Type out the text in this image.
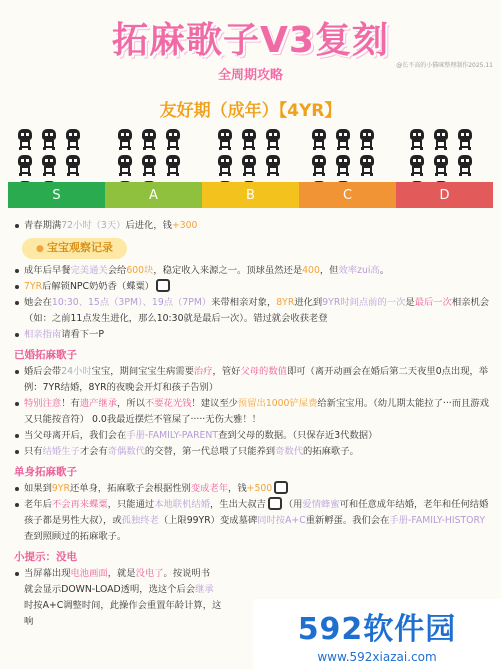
拓麻歌子V3复刻
@长不高的小猫咪整理制作2025.11
全周期攻略
友好期（成年）【4YR】
S	A	B	C	D
青春期满72小时（3天）后进化，钱+300
● 宝宝观察记录
成年后早餐完美通关会给600块，稳定收入来源之一。顶球虽然还是400，但效率zui高。
7YR后解锁NPC奶奶香（蝶粟）
她会在10:30、15点（3PM）、19点（7PM）来带相亲对象，8YR进化到9YR时间点前的一次是最后一次相亲机会（如：之前11点发生进化，那么10:30就是最后一次）。错过就会收获老登
相亲指南请看下一P
已婚拓麻歌子
婚后会带24小时宝宝，期间宝宝生病需要治疗，管好父母的数值即可（离开动画会在婚后第二天夜里0点出现，举例：7YR结婚，8YR的夜晚会开灯和孩子告别）
特别注意！有遗产继承，所以不要花光钱！建议至少预留出1000铲屎费给新宝宝用。（幼儿期太能拉了···而且游戏又只能按音符） 0.0我最近摆烂不管屎了·····无伤大雅！！
当父母离开后，我们会在手册-FAMILY-PARENT查到父母的数据。（只保存近3代数据）
只有结婚生子才会有奇偶数代的交替，第一代总喂了只能养到奇数代的拓麻歌子。
单身拓麻歌子
如果到9YR还单身，拓麻歌子会根据性别变成老年，钱+500
老年后不会再来蝶粟，只能通过本地联机结婚，生出大叔吉 （用爱情蜂蜜可和任意成年结婚，老年和任何结婚孩子都是男性大叔），或孤独终老（上限99YR）变成墓碑同时按A+C重新孵蛋。我们会在手册-FAMILY-HISTORY查到照顾过的拓麻歌子。
小提示：没电
当屏幕出现电池画面，就是没电了。按说明书
就会显示DOWN-LOAD透明，选这个后会继承
时按A+C调整时间，此操作会重置年龄计算，这
响	592软件园
www.592xiazai.com
